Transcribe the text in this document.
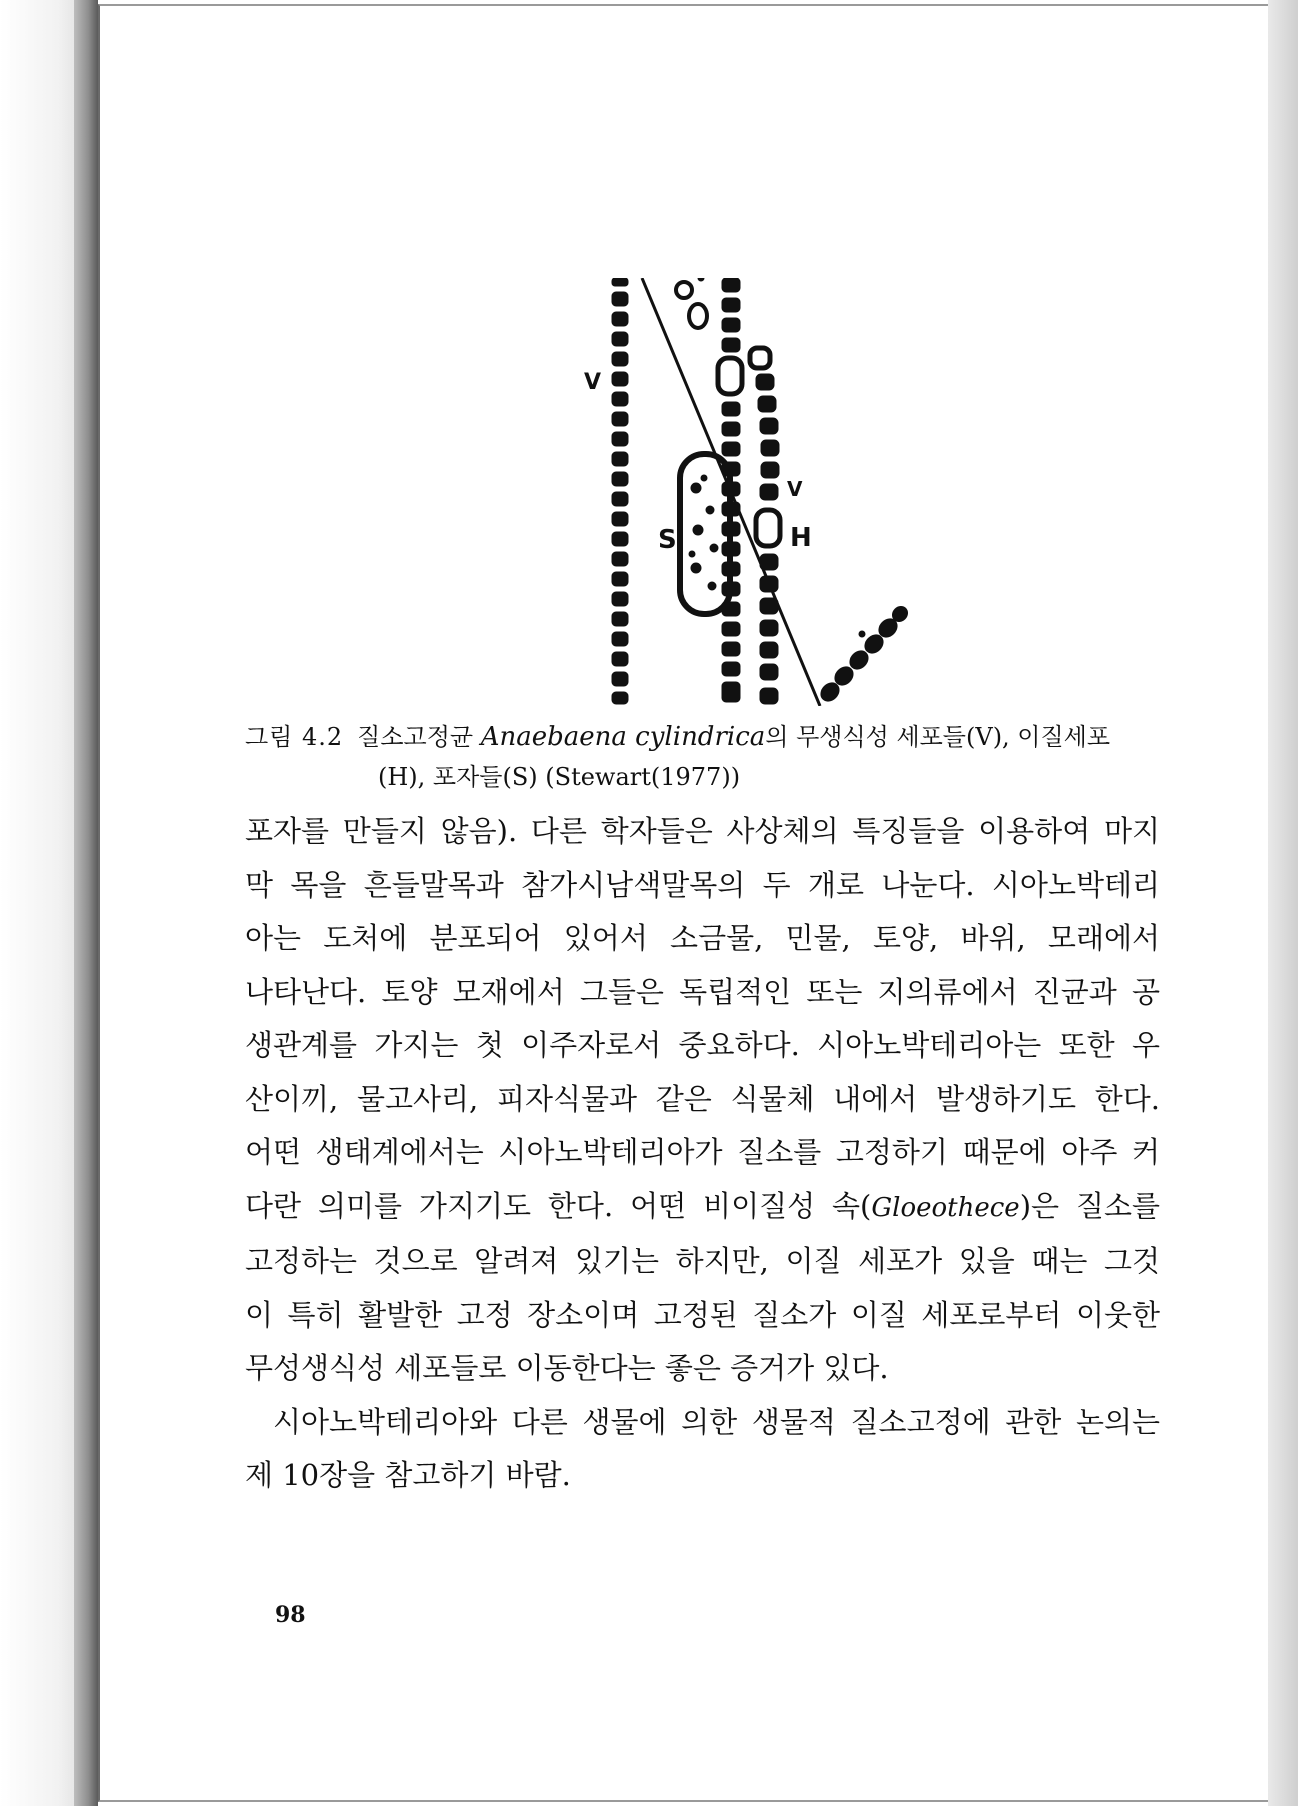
V
S
V
H
그림 4.2 질소고정균 Anaebaena cylindrica의 무생식성 세포들(V), 이질세포
(H), 포자들(S) (Stewart(1977))
포자를 만들지 않음). 다른 학자들은 사상체의 특징들을 이용하여 마지
막 목을 흔들말목과 참가시남색말목의 두 개로 나눈다. 시아노박테리
아는 도처에 분포되어 있어서 소금물, 민물, 토양, 바위, 모래에서
나타난다. 토양 모재에서 그들은 독립적인 또는 지의류에서 진균과 공
생관계를 가지는 첫 이주자로서 중요하다. 시아노박테리아는 또한 우
산이끼, 물고사리, 피자식물과 같은 식물체 내에서 발생하기도 한다.
어떤 생태계에서는 시아노박테리아가 질소를 고정하기 때문에 아주 커
다란 의미를 가지기도 한다. 어떤 비이질성 속(Gloeothece)은 질소를
고정하는 것으로 알려져 있기는 하지만, 이질 세포가 있을 때는 그것
이 특히 활발한 고정 장소이며 고정된 질소가 이질 세포로부터 이웃한
무성생식성 세포들로 이동한다는 좋은 증거가 있다.
시아노박테리아와 다른 생물에 의한 생물적 질소고정에 관한 논의는
제 10장을 참고하기 바람.
98
